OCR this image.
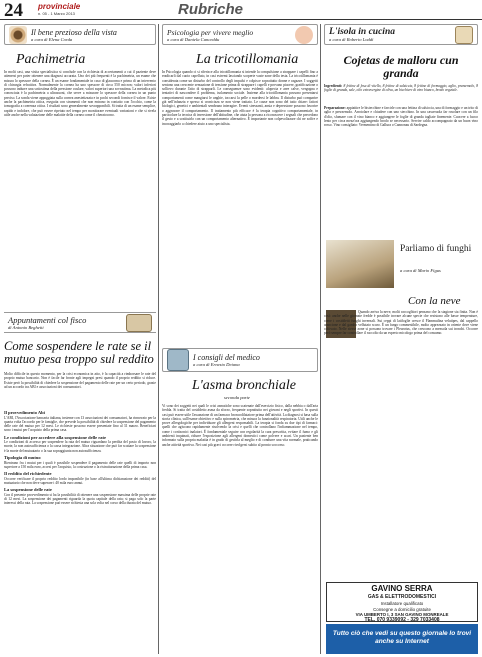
24 provinciale
n. 05 - 1 Marzo 2013	Rubriche
Il bene prezioso della vista
a cura di Elena Corda
Pachimetria
In molti casi, una visita specialistica si conclude con la richiesta di accertamenti a cui il paziente deve attenersi per poter ottenere una diagnosi accurata. Uno dei più frequenti è la pachimetria, un esame che misura lo spessore della cornea. È un esame fondamentale in caso di glaucoma e prima di un intervento di chirurgia refrattiva. Normalmente la cornea ha uno spessore di circa 550 micron; valori inferiori possono indurre una sottostima della pressione oculare, valori superiori una sovrastima. La metodica più conosciuta è la pachimetria a ultrasuoni, che serve a misurare lo spessore della cornea in un punto preciso. La sonda viene appoggiata sulla cornea anestetizzata e in pochi secondi fornisce il valore. Esiste anche la pachimetria ottica, eseguita con strumenti che non entrano in contatto con l'occhio, come la tomografia a coerenza ottica. I risultati sono generalmente sovrapponibili. Si tratta di un esame semplice, rapido e indolore, che può essere ripetuto nel tempo per monitorare eventuali variazioni e che si rivela utile anche nella valutazione delle malattie della cornea come il cheratocono.
Appuntamenti col fisco
di Antonio Beghetti
Come sospendere le rate se il mutuo pesa troppo sul reddito
Molto difficile in questo momento, per la crisi economica in atto, è la capacità a rimborsare le rate del proprio mutuo bancario. Non è facile far fronte agli impegni presi quando il proprio reddito si riduce. Esiste però la possibilità di chiedere la sospensione del pagamento delle rate per un certo periodo, grazie ad un accordo tra ABI e associazioni dei consumatori.
Il provvedimento Abi
L'ABI, l'Associazione bancaria italiana, insieme con 13 associazioni dei consumatori, ha rinnovato per la quarta volta l'accordo per le famiglie, che prevede la possibilità di chiedere la sospensione del pagamento delle rate del mutuo per 12 mesi. Le richieste possono essere presentate fino al 31 marzo. Beneficiari sono i mutui per l'acquisto della prima casa.
Le condizioni per accedere alla sospensione delle rate
Le condizioni di accesso per sospendere la rata del mutuo riguardano la perdita del posto di lavoro, la morte, la non autosufficienza o la cassa integrazione. Altra situazione che può far scattare la sospensione è la morte del mutuatario o la sua sopraggiunta non autosufficienza.
Tipologia di mutuo
Rientrano fra i mutui per i quali è possibile sospendere il pagamento delle rate quelli di importo non superiore a 150 mila euro, accesi per l'acquisto, la costruzione o la ristrutturazione della prima casa.
Il reddito del richiedente
Occorre verificare il proprio reddito lordo imponibile (in base all'ultima dichiarazione dei redditi) del mutuatario che non deve superare i 40 mila euro annui.
La sospensione delle rate
Con il presente provvedimento si ha la possibilità di ottenere una sospensione massima delle proprie rate di 12 mesi. La sospensione dei pagamenti riguarda la quota capitale della rata; si paga solo la parte interessi della rata. La sospensione può essere richiesta una sola volta nel corso della durata del mutuo.
Psicologia per vivere meglio
a cura di Daniela Canceddu
La tricotillomania
In Psicologia quando ci si riferisce alla tricotillomania si intende la compulsione a strappare i capelli fino a eradicarli dal cuoio capelluto, in casi estremi lasciando scoperte vaste zone della testa. La tricotillomania è considerata come un disturbo del controllo degli impulsi e colpisce soprattutto donne e ragazze. I soggetti sentono una crescente sensazione di tensione prima di strappare i capelli e provano piacere, gratificazione o sollievo durante l'atto di strapparli. Le conseguenze sono evidenti: alopecia e aree calve, vergogna e tentativi di nascondere il problema, isolamento sociale. Insieme alla tricotillomania possono presentarsi comportamenti come mangiarsi le unghie, toccarsi la pelle o mordersi le labbra. Il disturbo può comparire già nell'infanzia e spesso si cronicizza se non viene trattato. Le cause non sono del tutto chiare: fattori biologici, genetici e ambientali sembrano interagire. Eventi stressanti, ansia e depressione possono favorire o aggravare il comportamento. Il trattamento più efficace è la terapia cognitivo comportamentale, in particolare la tecnica di inversione dell'abitudine, che aiuta la persona a riconoscere i segnali che precedono il gesto e a sostituirlo con un comportamento alternativo. È importante non colpevolizzare chi ne soffre e incoraggiarlo a chiedere aiuto a uno specialista.
I consigli del medico
a cura di Ernesto Deiana
L'asma bronchiale
seconda parte
Vi sono dei soggetti nei quali le crisi asmatiche sono scatenate dall'esercizio fisico, dalla nebbia o dall'aria fredda. Si tratta del cosiddetto asma da sforzo, frequente soprattutto nei giovani e negli sportivi. In questi casi può essere utile l'assunzione di un farmaco broncodilatatore prima dell'attività. La diagnosi si basa sulla storia clinica, sull'esame obiettivo e sulla spirometria, che misura la funzionalità respiratoria. Utili anche le prove allergologiche per individuare gli allergeni responsabili. La terapia si fonda su due tipi di farmaci: quelli che agiscono rapidamente risolvendo la crisi e quelli che controllano l'infiammazione nel tempo, come i cortisonici inalatori. È fondamentale seguire con regolarità la cura prescritta, evitare il fumo e gli ambienti inquinati, ridurre l'esposizione agli allergeni domestici come polvere e acari. Un paziente ben informato sulla propria malattia è in grado di gestirla al meglio e di condurre una vita normale, praticando anche attività sportiva. Nei casi più gravi occorre rivolgersi subito al pronto soccorso.
L'isola in cucina
a cura di Roberto Loddi
Cojetas de malloru cun granda
Ingredienti: 8 fettine di fesa di vitello, 8 fettine di salsiccia, 8 fettine di formaggio, aglio, prezzemolo, 8 foglie di granda, sale, olio extravergine di oliva, un bicchiere di vino bianco, brodo vegetale.
Preparazione: appiattire le bistecchine e farcirle con una fettina di salsiccia, una di formaggio e un trito di aglio e prezzemolo. Arrotolare e chiudere con uno stecchino. In una casseruola far rosolare con un filo d'olio, sfumare con il vino bianco e aggiungere le foglie di granda tagliate finemente. Cuocere a fuoco lento per circa mezz'ora aggiungendo brodo se necessario. Servire caldo accompagnato da un buon vino rosso. Vino consigliato: Vermentino di Gallura o Cannonau di Sardegna.
Parliamo di funghi
a cura di Mario Figus
Con la neve
Quando arriva la neve, molti raccoglitori pensano che la stagione sia finita. Non è così: anche nelle giornate fredde è possibile trovare alcune specie che resistono alle basse temperature, come i cosiddetti funghi invernali. Sui ceppi di latifoglie cresce il Flammulina velutipes, dal cappello arancione e dal gambo vellutato scuro. È un fungo commestibile, molto apprezzato in oriente dove viene coltivato. Nelle stesse zone si possono trovare i Pleurotus, che crescono a mensola sui tronchi. Occorre però sempre far controllare il raccolto da un esperto micologo prima del consumo.
GAVINO SERRA
GAS & ELETTRODOMESTICI
Installatore qualificato
Consegne a domicilio gratuite
VIA UMBERTO I, 3 SAN GAVINO MONREALE
TEL. 070 9339092 - 329 7033408
Tutto ciò che vedi su questo giornale lo trovi anche su Internet
